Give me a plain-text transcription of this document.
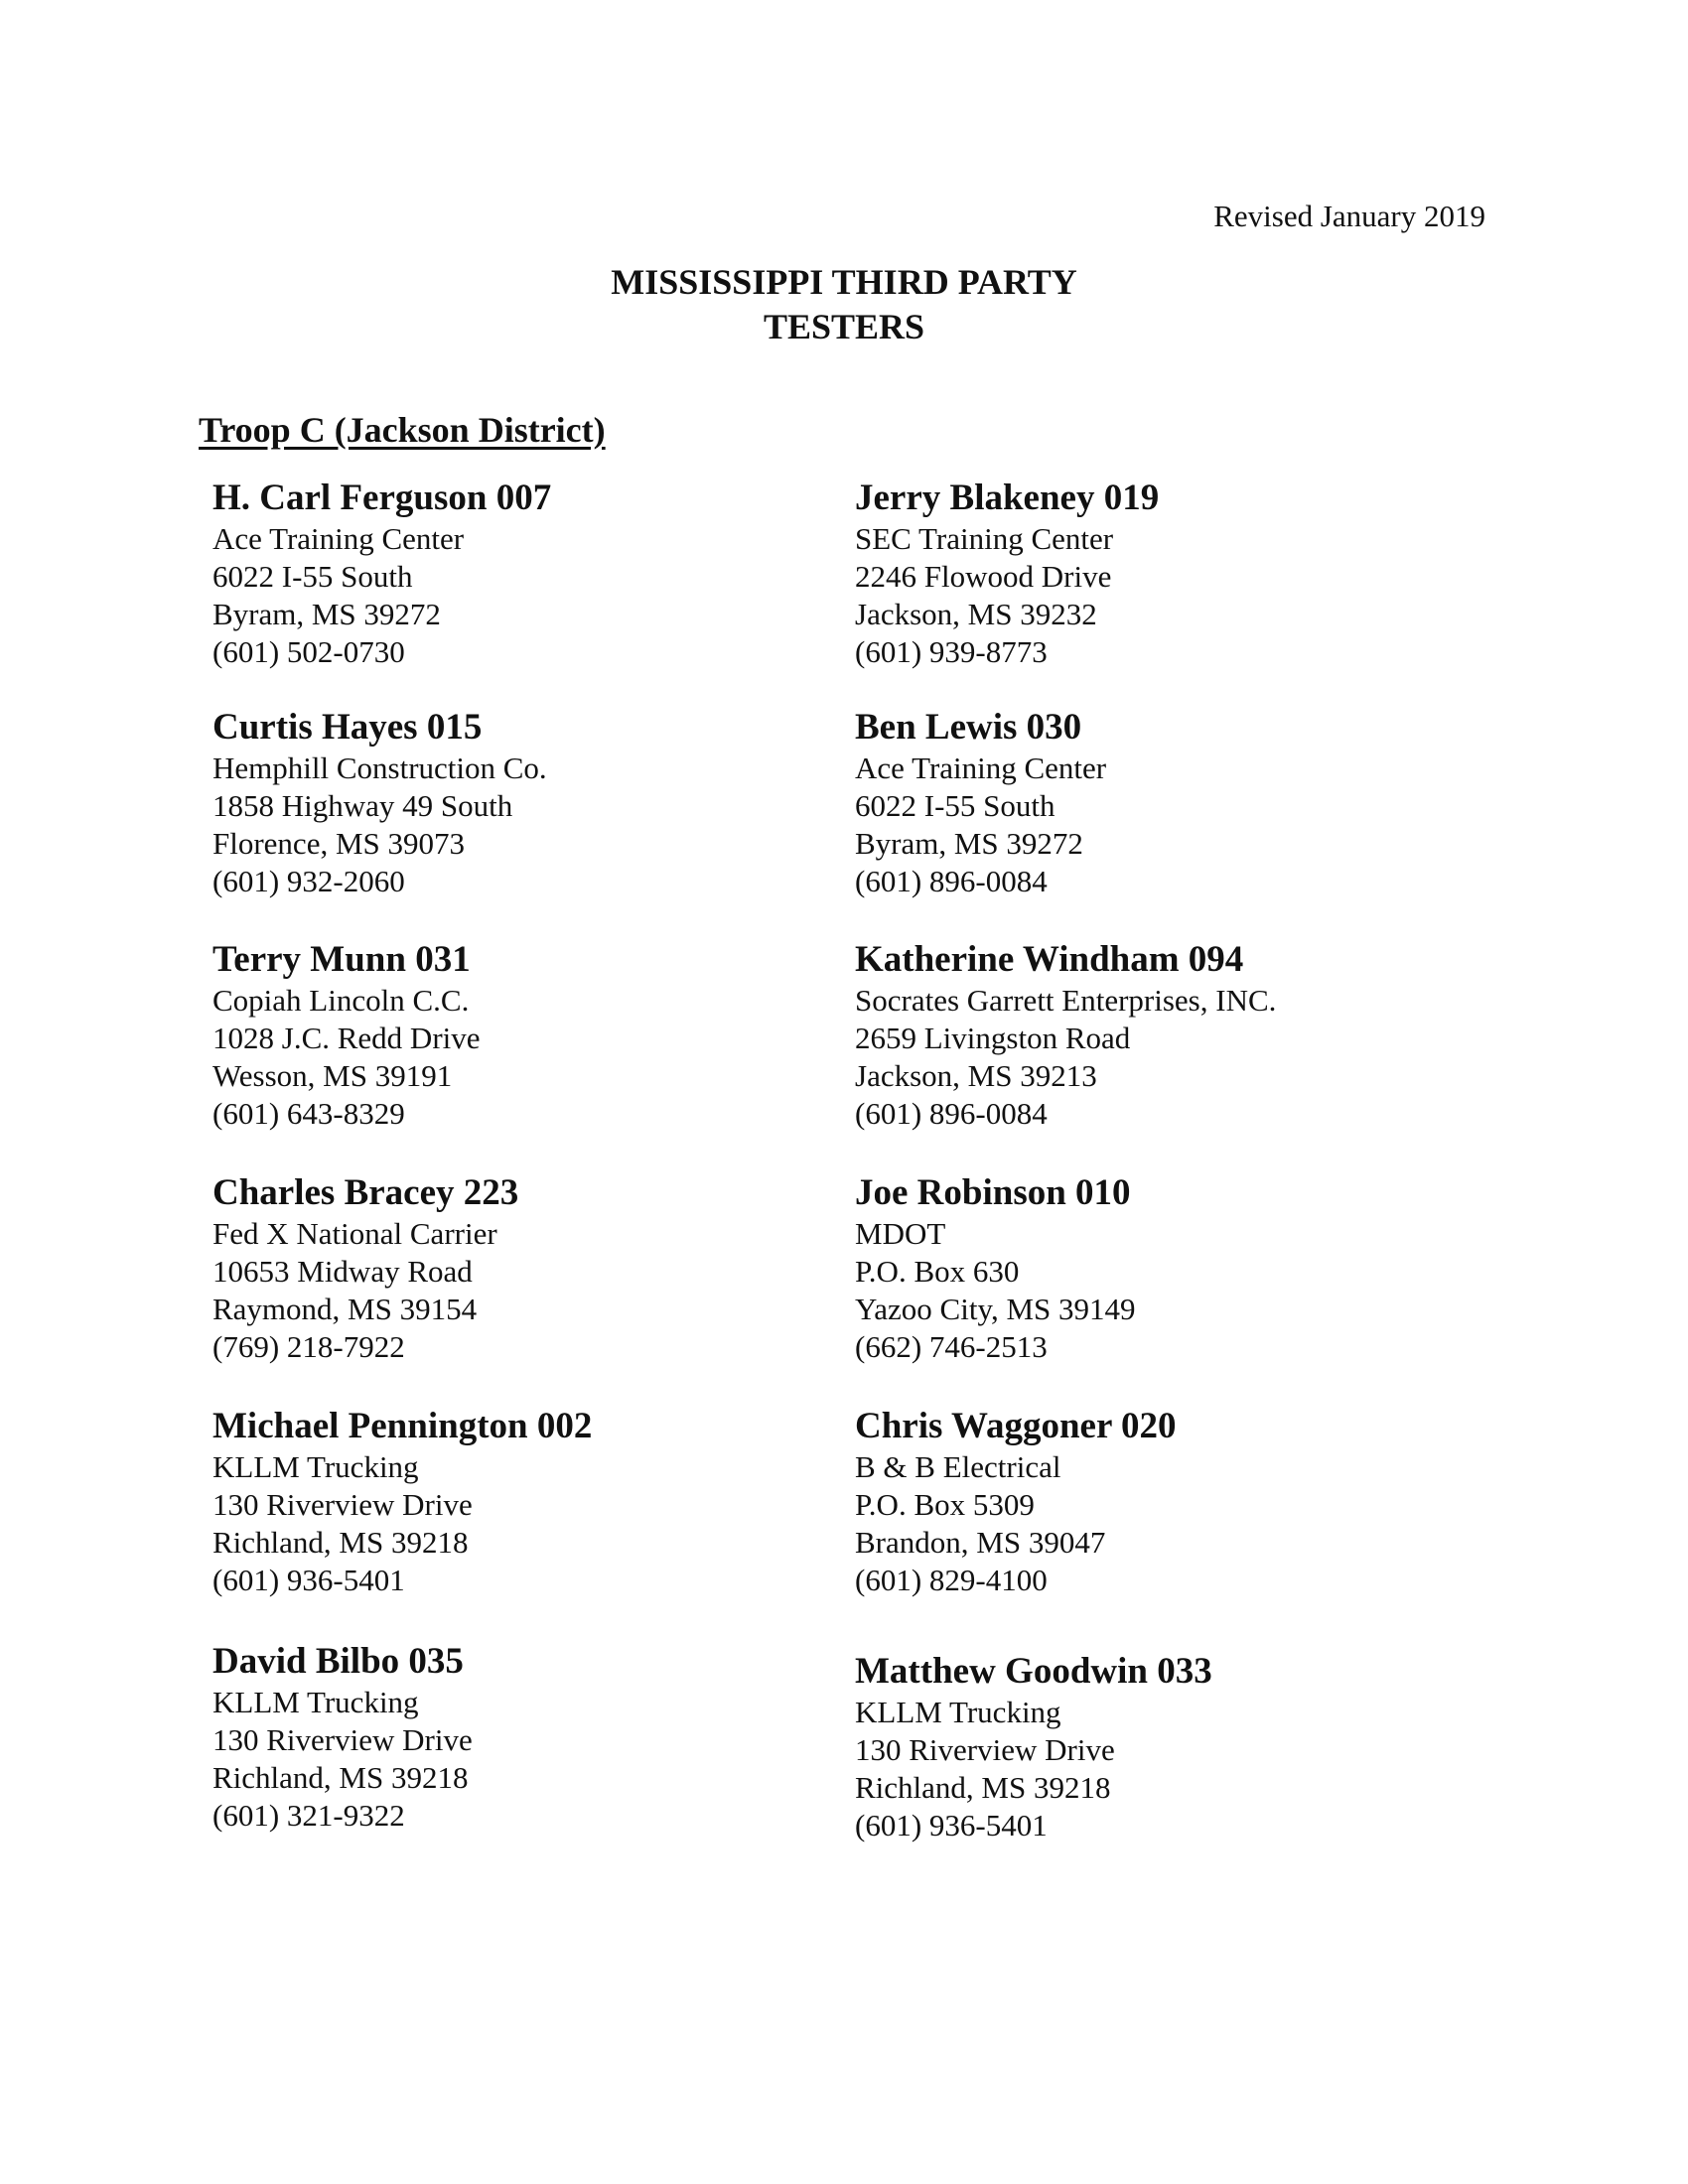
Revised January 2019
MISSISSIPPI THIRD PARTY
TESTERS
Troop C (Jackson District)
H. Carl Ferguson 007
Ace Training Center
6022 I-55 South
Byram, MS 39272
(601) 502-0730
Jerry Blakeney 019
SEC Training Center
2246 Flowood Drive
Jackson, MS 39232
(601) 939-8773
Curtis Hayes 015
Hemphill Construction Co.
1858 Highway 49 South
Florence, MS 39073
(601) 932-2060
Ben Lewis 030
Ace Training Center
6022 I-55 South
Byram, MS 39272
(601) 896-0084
Terry Munn 031
Copiah Lincoln C.C.
1028 J.C. Redd Drive
Wesson, MS 39191
(601) 643-8329
Katherine Windham 094
Socrates Garrett Enterprises, INC.
2659 Livingston Road
Jackson, MS 39213
(601) 896-0084
Charles Bracey 223
Fed X National Carrier
10653 Midway Road
Raymond, MS 39154
(769) 218-7922
Joe Robinson 010
MDOT
P.O. Box 630
Yazoo City, MS 39149
(662) 746-2513
Michael Pennington 002
KLLM Trucking
130 Riverview Drive
Richland, MS 39218
(601) 936-5401
Chris Waggoner 020
B & B Electrical
P.O. Box 5309
Brandon, MS 39047
(601) 829-4100
David Bilbo 035
KLLM Trucking
130 Riverview Drive
Richland, MS 39218
(601) 321-9322
Matthew Goodwin 033
KLLM Trucking
130 Riverview Drive
Richland, MS 39218
(601) 936-5401
